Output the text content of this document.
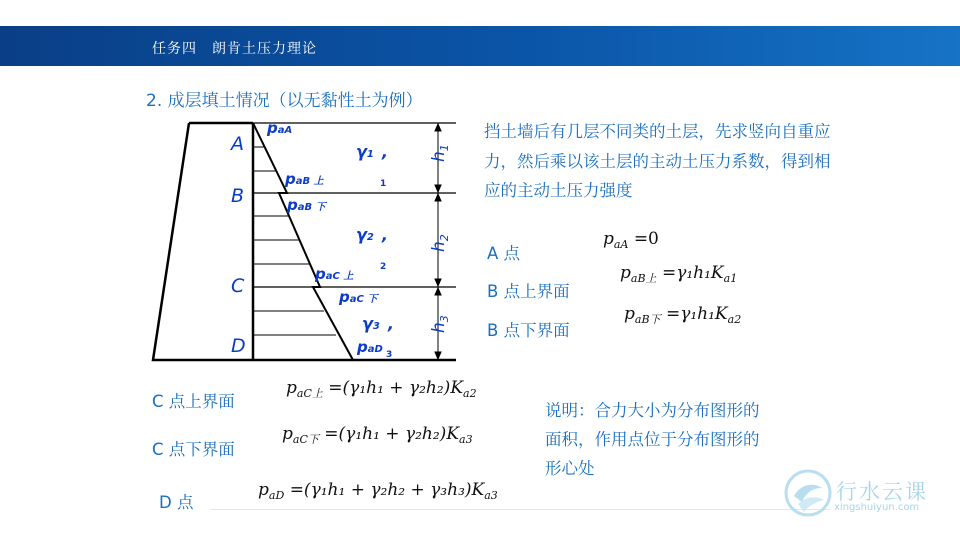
任务四　朗肯土压力理论
2. 成层填土情况（以无黏性土为例）
A
B
C
D
paA
paB 上
paB 下
paC 上
paC 下
paD 3
γ1 ,
1
γ2 ,
2
γ3 ,
$h_1$
$h_2$
$h_3$
挡土墙后有几层不同类的土层，先求竖向自重应力，然后乘以该土层的主动土压力系数，得到相应的主动土压力强度
A 点
B 点上界面
B 点下界面
C 点上界面
C 点下界面
D 点
$p_{aA} =0$
$p_{aB上} =\gamma_1h_1K_{a1}$
$p_{aB下} =\gamma_1h_1K_{a2}$
$p_{aC上} =(\gamma_1h_1 + \gamma_2h_2)K_{a2}$
$p_{aC下} =(\gamma_1h_1 + \gamma_2h_2)K_{a3}$
$p_{aD} =(\gamma_1h_1 + \gamma_2h_2 + \gamma_3h_3)K_{a3}$
说明：合力大小为分布图形的面积，作用点位于分布图形的形心处
行水云课
xingshuiyun.com
